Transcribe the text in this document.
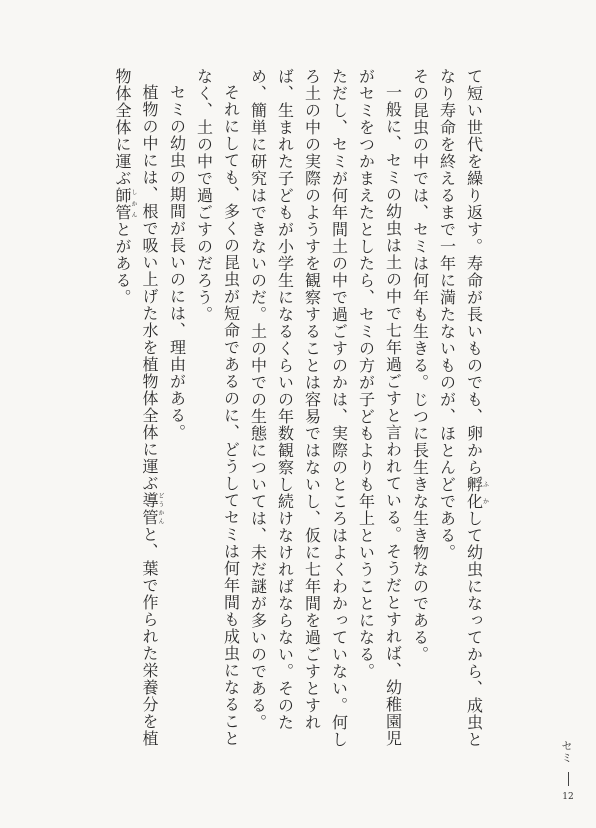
て短い世代を繰り返す。寿命が長いものでも、卵から孵化ふかして幼虫になってから、成虫となり寿命を終えるまで一年に満たないものが、ほとんどである。

その昆虫の中では、セミは何年も生きる。じつに長生きな生き物なのである。

一般に、セミの幼虫は土の中で七年過ごすと言われている。そうだとすれば、幼稚園児がセミをつかまえたとしたら、セミの方が子どもよりも年上ということになる。

ただし、セミが何年間土の中で過ごすのかは、実際のところはよくわかっていない。何しろ土の中の実際のようすを観察することは容易ではないし、仮に七年間を過ごすとすれば、生まれた子どもが小学生になるくらいの年数観察し続けなければならない。そのため、簡単に研究はできないのだ。土の中での生態については、未だ謎が多いのである。

それにしても、多くの昆虫が短命であるのに、どうしてセミは何年間も成虫になることなく、土の中で過ごすのだろう。

セミの幼虫の期間が長いのには、理由がある。

植物の中には、根で吸い上げた水を植物体全体に運ぶ導管どうかんと、葉で作られた栄養分を植物体全体に運ぶ師管しかんとがある。

セミ
12
